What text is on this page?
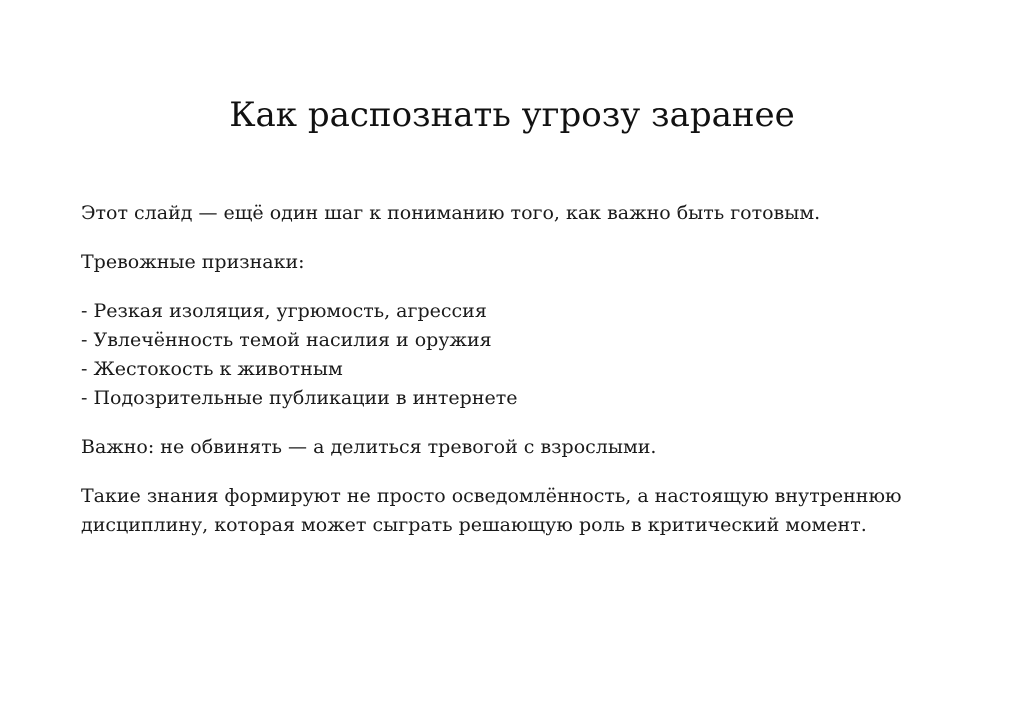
Как распознать угрозу заранее

Этот слайд — ещё один шаг к пониманию того, как важно быть готовым.

Тревожные признаки:

- Резкая изоляция, угрюмость, агрессия
- Увлечённость темой насилия и оружия
- Жестокость к животным
- Подозрительные публикации в интернете

Важно: не обвинять — а делиться тревогой с взрослыми.

Такие знания формируют не просто осведомлённость, а настоящую внутреннюю дисциплину, которая может сыграть решающую роль в критический момент.
